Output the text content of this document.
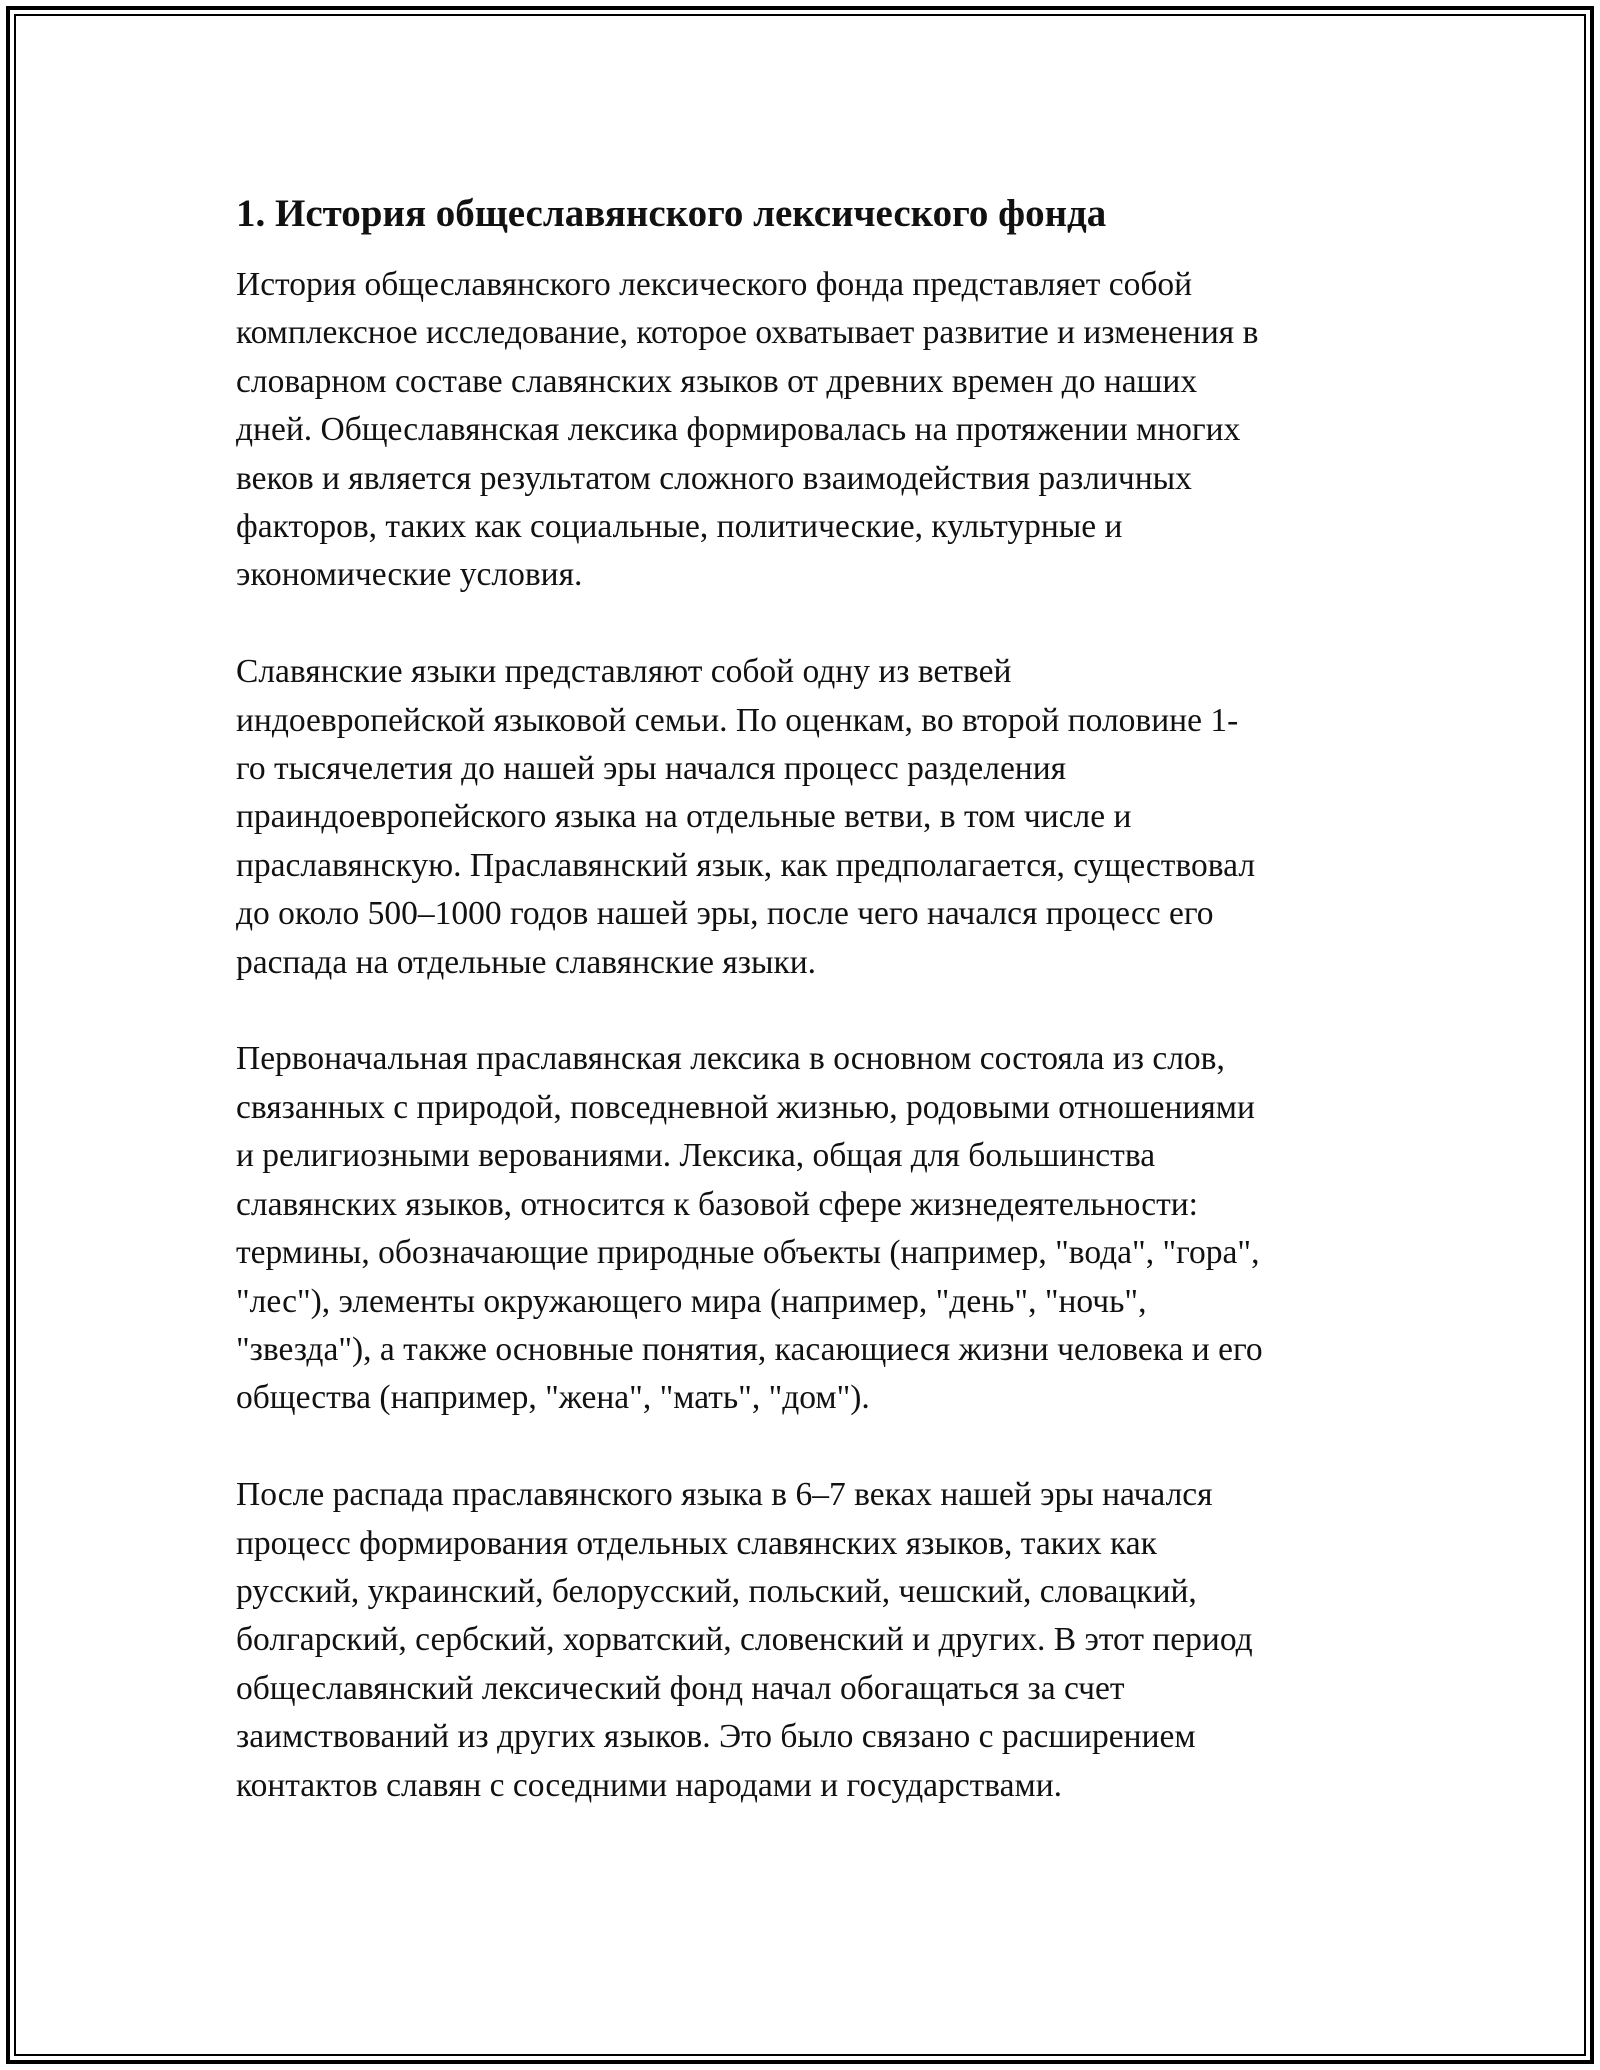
1. История общеславянского лексического фонда

История общеславянского лексического фонда представляет собой
комплексное исследование, которое охватывает развитие и изменения в
словарном составе славянских языков от древних времен до наших
дней. Общеславянская лексика формировалась на протяжении многих
веков и является результатом сложного взаимодействия различных
факторов, таких как социальные, политические, культурные и
экономические условия.

Славянские языки представляют собой одну из ветвей
индоевропейской языковой семьи. По оценкам, во второй половине 1-
го тысячелетия до нашей эры начался процесс разделения
праиндоевропейского языка на отдельные ветви, в том числе и
праславянскую. Праславянский язык, как предполагается, существовал
до около 500–1000 годов нашей эры, после чего начался процесс его
распада на отдельные славянские языки.

Первоначальная праславянская лексика в основном состояла из слов,
связанных с природой, повседневной жизнью, родовыми отношениями
и религиозными верованиями. Лексика, общая для большинства
славянских языков, относится к базовой сфере жизнедеятельности:
термины, обозначающие природные объекты (например, "вода", "гора",
"лес"), элементы окружающего мира (например, "день", "ночь",
"звезда"), а также основные понятия, касающиеся жизни человека и его
общества (например, "жена", "мать", "дом").

После распада праславянского языка в 6–7 веках нашей эры начался
процесс формирования отдельных славянских языков, таких как
русский, украинский, белорусский, польский, чешский, словацкий,
болгарский, сербский, хорватский, словенский и других. В этот период
общеславянский лексический фонд начал обогащаться за счет
заимствований из других языков. Это было связано с расширением
контактов славян с соседними народами и государствами.
